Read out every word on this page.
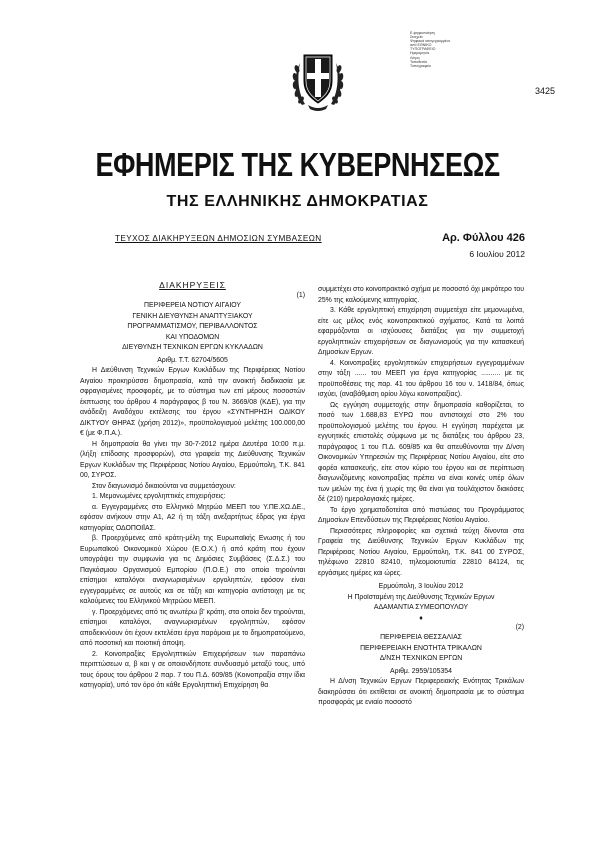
Ε-ψηφιοποίηση
Στοιχεία
Ψηφιακά υπογεγραμμένο
από ΕΘΝΙΚΟ
ΤΥΠΟΓΡΑΦΕΙΟ
Ημερομηνία
Λόγος
Τοποθεσία
Τυπογραφείο
3425
ΕΦΗΜΕΡΙΣ ΤΗΣ ΚΥΒΕΡΝΗΣΕΩΣ
ΤΗΣ ΕΛΛΗΝΙΚΗΣ ΔΗΜΟΚΡΑΤΙΑΣ
ΤΕΥΧΟΣ ΔΙΑΚΗΡΥΞΕΩΝ ΔΗΜΟΣΙΩΝ ΣΥΜΒΑΣΕΩΝ	Αρ. Φύλλου 426
6 Ιουλίου 2012

ΔΙΑΚΗΡΥΞΕΙΣ

(1)

ΠΕΡΙΦΕΡΕΙΑ ΝΟΤΙΟΥ ΑΙΓΑΙΟΥ

ΓΕΝΙΚΗ ΔΙΕΥΘΥΝΣΗ ΑΝΑΠΤΥΞΙΑΚΟΥ

ΠΡΟΓΡΑΜΜΑΤΙΣΜΟΥ, ΠΕΡΙΒΑΛΛΟΝΤΟΣ

ΚΑΙ ΥΠΟΔΟΜΩΝ

ΔΙΕΥΘΥΝΣΗ ΤΕΧΝΙΚΩΝ ΕΡΓΩΝ ΚΥΚΛΑΔΩΝ

Αριθμ. Τ.Τ. 62704/5605

Η Διεύθυνση Τεχνικών Εργων Κυκλάδων της Περιφέρειας Νοτίου Αιγαίου προκηρύσσει δημοπρασία, κατά την ανοικτή διαδικασία με σφραγισμένες προσφορές, με το σύστημα των επί μέρους ποσοστών έκπτωσης του άρθρου 4 παράγραφος β του Ν. 3669/08 (ΚΔΕ), για την ανάδειξη Αναδόχου εκτέλεσης του έργου «ΣΥΝΤΗΡΗΣΗ ΟΔΙΚΟΥ ΔΙΚΤΥΟΥ ΘΗΡΑΣ (χρήση 2012)», προϋπολογισμού μελέτης 100.000,00 € (με Φ.Π.Α.).

Η δημοπρασία θα γίνει την 30-7-2012 ημέρα Δευτέρα 10:00 π.μ. (λήξη επίδοσης προσφορών), στα γραφεία της Διεύθυνσης Τεχνικών Εργων Κυκλάδων της Περιφέρειας Νοτίου Αιγαίου, Ερμούπολη, Τ.Κ. 841 00, ΣΥΡΟΣ.

Στον διαγωνισμό δικαιούνται να συμμετάσχουν:

1. Μεμονωμένες εργοληπτικές επιχειρήσεις:

α. Εγγεγραμμένες στο Ελληνικό Μητρώο ΜΕΕΠ του Υ.ΠΕ.ΧΩ.ΔΕ., εφόσον ανήκουν στην Α1, Α2 ή τη τάξη ανεξαρτήτως έδρας για έργα κατηγορίας ΟΔΟΠΟΙΪΑΣ.

β. Προερχόμενες από κράτη-μέλη της Ευρωπαϊκής Ενωσης ή του Ευρωπαϊκού Οικονομικού Χώρου (Ε.Ο.Χ.) ή από κράτη που έχουν υπογράψει την συμφωνία για τις Δημόσιες Συμβάσεις (Σ.Δ.Σ.) του Παγκόσμιου Οργανισμού Εμπορίου (Π.Ο.Ε.) στο οποία τηρούνται επίσημοι καταλόγοι αναγνωρισμένων εργοληπτών, εφόσον είναι εγγεγραμμένες σε αυτούς και σε τάξη και κατηγορία αντίστοιχη με τις καλούμενες του Ελληνικού Μητρώου ΜΕΕΠ.

γ. Προερχόμενες από τις ανωτέρω β' κράτη, στα οποία δεν τηρούνται, επίσημοι καταλόγοι, αναγνωρισμένων εργοληπτών, εφόσον αποδεικνύουν ότι έχουν εκτελέσει έργα παρόμοια με το δημοπρατούμενο, από ποσοτική και ποιοτική άποψη.

2. Κοινοπραξίες Εργοληπτικών Επιχειρήσεων των παραπάνω περιπτώσεων α, β και γ σε οποιονδήποτε συνδυασμό μεταξύ τους, υπό τους όρους του άρθρου 2 παρ. 7 του Π.Δ. 609/85 (Κοινοπραξία στην ίδια κατηγορία), υπό τον όρο ότι κάθε Εργοληπτική Επιχείρηση θα

συμμετέχει στο κοινοπρακτικό σχήμα με ποσοστό όχι μικρότερο του 25% της καλούμενης κατηγορίας.

3. Κάθε εργοληπτική επιχείρηση συμμετέχει είτε μεμονωμένα, είτε ως μέλος ενός κοινοπρακτικού σχήματος. Κατά τα λοιπά εφαρμόζονται οι ισχύουσες διατάξεις για την συμμετοχή εργοληπτικών επιχειρήσεων σε διαγωνισμούς για την κατασκευή Δημοσίων Εργων.

4. Κοινοπραξίες εργοληπτικών επιχειρήσεων εγγεγραμμένων στην τάξη ...... του ΜΕΕΠ για έργα κατηγορίας .......... με τις προϋποθέσεις της παρ. 41 του άρθρου 16 του ν. 1418/84, όπως ισχύει, (αναβάθμιση ορίου λόγω κοινοπραξίας).

Ως εγγύηση συμμετοχής στην δημοπρασία καθορίζεται, το ποσό των 1.688,83 ΕΥΡΩ που αντιστοιχεί στο 2% του προϋπολογισμού μελέτης του έργου. Η εγγύηση παρέχεται με εγγυητικές επιστολές σύμφωνα με τις διατάξεις του άρθρου 23, παράγραφος 1 του Π.Δ. 609/85 και θα απευθύνονται την Δ/νση Οικονομικών Υπηρεσιών της Περιφέρειας Νοτίου Αιγαίου, είτε στο φορέα κατασκευής, είτε στον κύριο του έργου και σε περίπτωση διαγωνιζόμενης κοινοπραξίας πρέπει να είναι κοινές υπέρ όλων των μελών της ένα ή χωρίς της θα είναι για τουλάχιστον διακόσες δέ (210) ημερολογιακές ημέρες.

Το έργο χρηματοδοτείται από πιστώσεις του Προγράμματος Δημοσίων Επενδύσεων της Περιφέρειας Νοτίου Αιγαίου.

Περισσότερες πληροφορίες και σχετικά τεύχη δίνονται στα Γραφεία της Διεύθυνσης Τεχνικών Εργων Κυκλάδων της Περιφέρειας Νοτίου Αιγαίου, Ερμούπολη, Τ.Κ. 841 00 ΣΥΡΟΣ, τηλέφωνο 22810 82410, τηλεομοιοτυπία 22810 84124, τις εργάσιμες ημέρες και ώρες.

Ερμούπολη, 3 Ιουλίου 2012

Η Προϊσταμένη της Διεύθυνσης Τεχνικών Εργων

ΑΔΑΜΑΝΤΙΑ ΣΥΜΕΟΠΟΥΛΟΥ

♦

(2)

ΠΕΡΙΦΕΡΕΙΑ ΘΕΣΣΑΛΙΑΣ

ΠΕΡΙΦΕΡΕΙΑΚΗ ΕΝΟΤΗΤΑ ΤΡΙΚΑΛΩΝ

Δ/ΝΣΗ ΤΕΧΝΙΚΩΝ ΕΡΓΩΝ

Αριθμ. 2959/105354

Η Δ/νση Τεχνικών Εργων Περιφερειακής Ενότητας Τρικάλων διακηρύσσει ότι εκτίθεται σε ανοικτή δημοπρασία με το σύστημα προσφοράς με ενιαίο ποσοστό
